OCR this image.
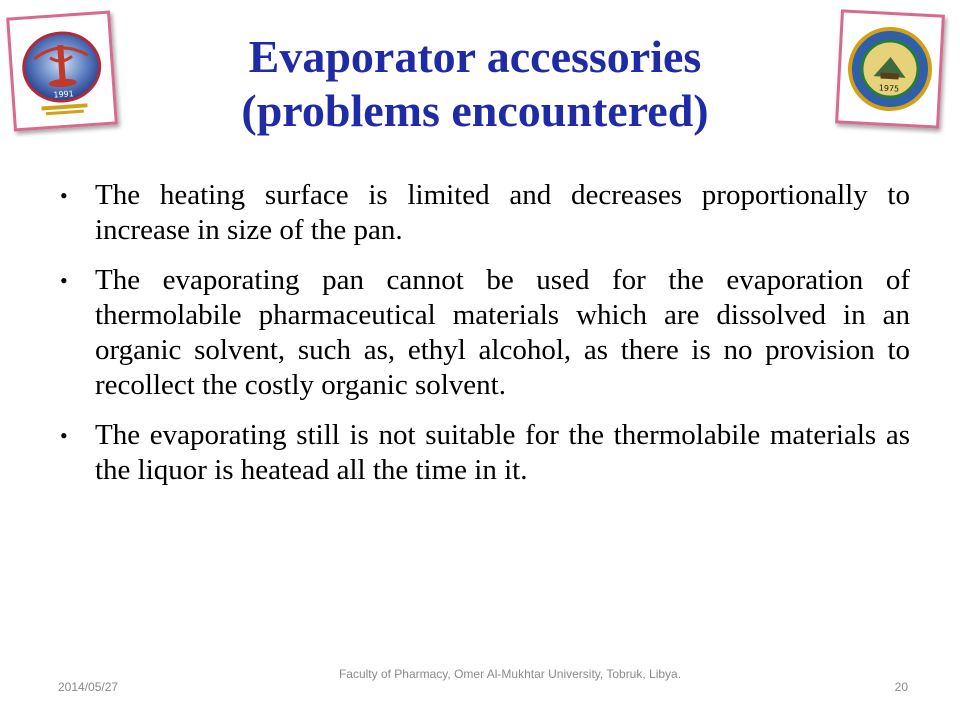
1991
1975
Evaporator accessories
(problems encountered)
• The heating surface is limited and decreases proportionally to increase in size of the pan.
• The evaporating pan cannot be used for the evaporation of thermolabile pharmaceutical materials which are dissolved in an organic solvent, such as, ethyl alcohol, as there is no provision to recollect the costly organic solvent.
• The evaporating still is not suitable for the thermolabile materials as the liquor is heatead all the time in it.
2014/05/27
Faculty of Pharmacy, Omer Al-Mukhtar University, Tobruk, Libya.
20
